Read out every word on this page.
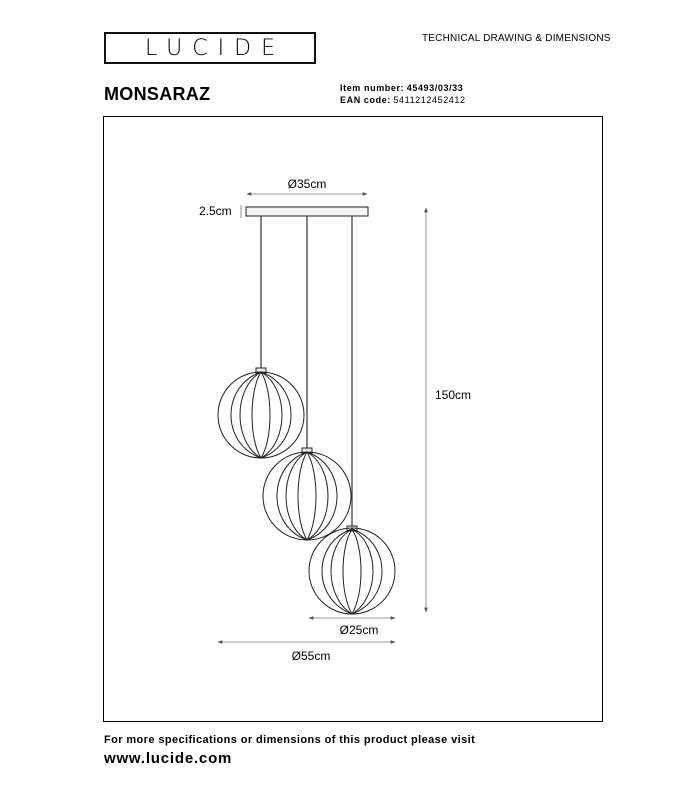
LUCIDE	TECHNICAL DRAWING & DIMENSIONS
MONSARAZ	Item number: 45493/03/33
EAN code: 5411212452412
Ø35cm
2.5cm
150cm
Ø25cm
Ø55cm
For more specifications or dimensions of this product please visit
www.lucide.com
